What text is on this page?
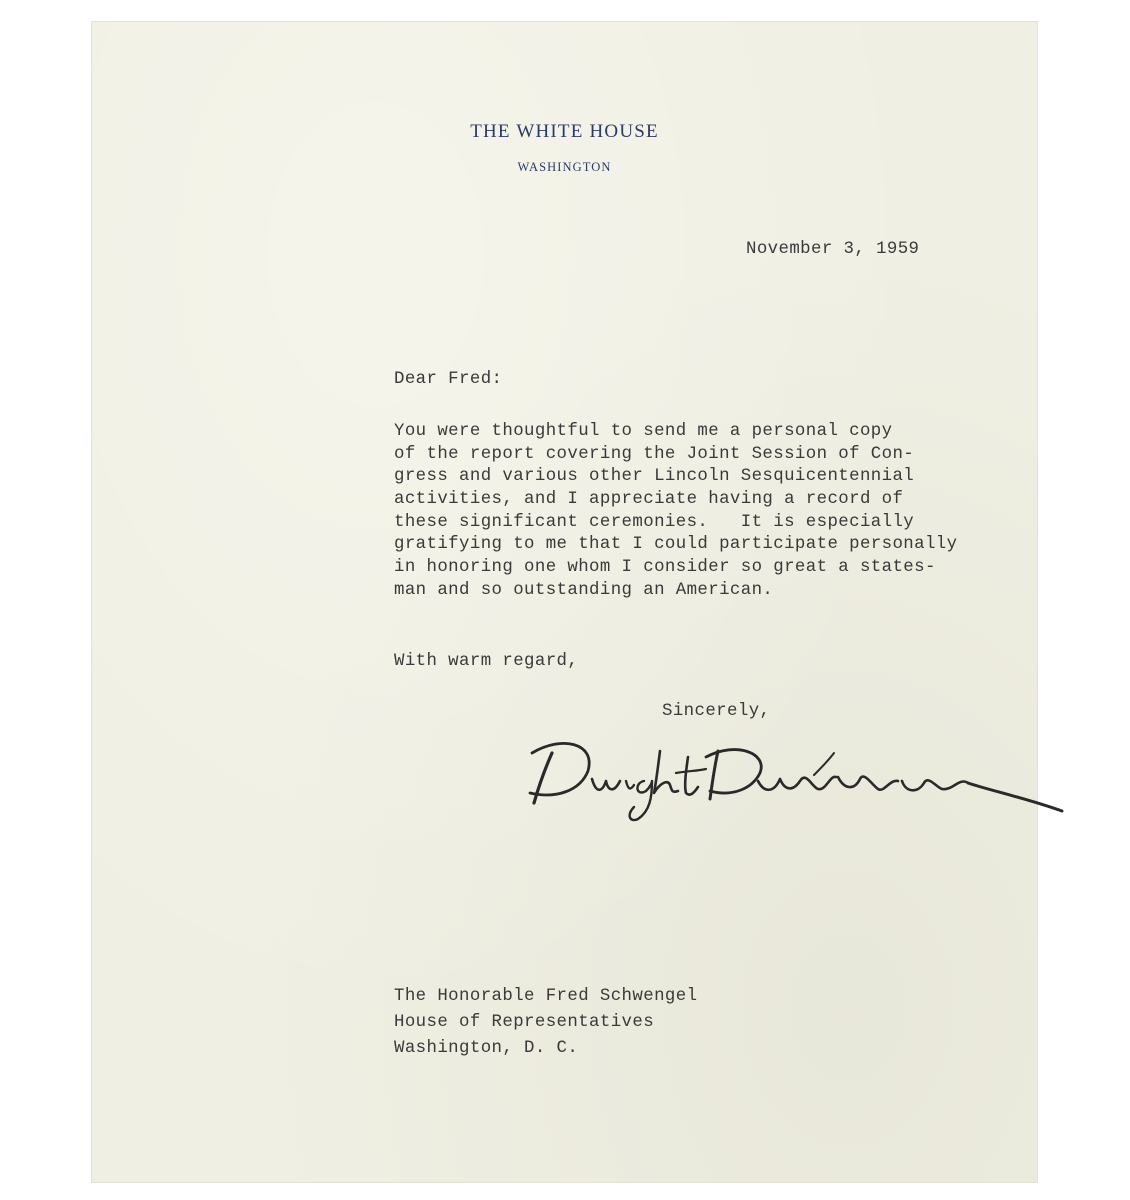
THE WHITE HOUSE
WASHINGTON
November 3, 1959
Dear Fred:
You were thoughtful to send me a personal copy
of the report covering the Joint Session of Con-
gress and various other Lincoln Sesquicentennial
activities, and I appreciate having a record of
these significant ceremonies.   It is especially
gratifying to me that I could participate personally
in honoring one whom I consider so great a states-
man and so outstanding an American.
With warm regard,
Sincerely,
The Honorable Fred Schwengel
House of Representatives
Washington, D. C.
